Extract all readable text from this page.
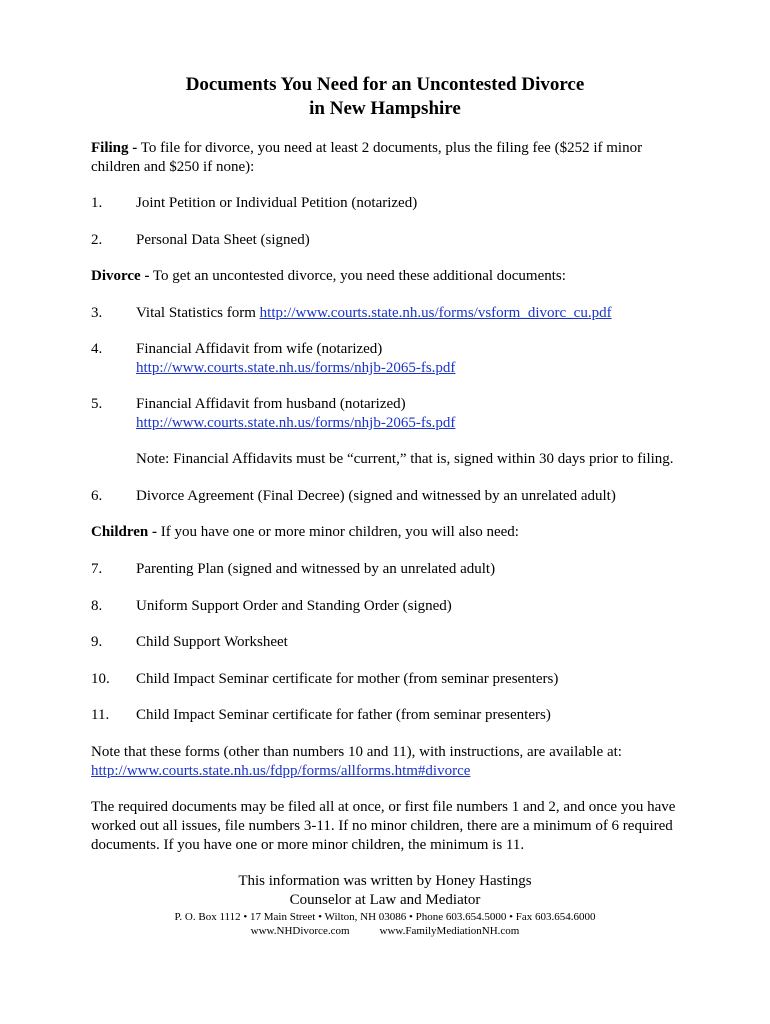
Documents You Need for an Uncontested Divorce
in New Hampshire
Filing - To file for divorce, you need at least 2 documents, plus the filing fee ($252 if minor children and $250 if none):
1. Joint Petition or Individual Petition (notarized)
2. Personal Data Sheet (signed)
Divorce - To get an uncontested divorce, you need these additional documents:
3. Vital Statistics form http://www.courts.state.nh.us/forms/vsform_divorc_cu.pdf
4. Financial Affidavit from wife (notarized)
http://www.courts.state.nh.us/forms/nhjb-2065-fs.pdf
5. Financial Affidavit from husband (notarized)
http://www.courts.state.nh.us/forms/nhjb-2065-fs.pdf
Note: Financial Affidavits must be “current,” that is, signed within 30 days prior to filing.
6. Divorce Agreement (Final Decree) (signed and witnessed by an unrelated adult)
Children - If you have one or more minor children, you will also need:
7. Parenting Plan (signed and witnessed by an unrelated adult)
8. Uniform Support Order and Standing Order (signed)
9. Child Support Worksheet
10. Child Impact Seminar certificate for mother (from seminar presenters)
11. Child Impact Seminar certificate for father (from seminar presenters)
Note that these forms (other than numbers 10 and 11), with instructions, are available at:
http://www.courts.state.nh.us/fdpp/forms/allforms.htm#divorce
The required documents may be filed all at once, or first file numbers 1 and 2, and once you have worked out all issues, file numbers 3-11. If no minor children, there are a minimum of 6 required documents. If you have one or more minor children, the minimum is 11.
This information was written by Honey Hastings
Counselor at Law and Mediator
P. O. Box 1112 • 17 Main Street • Wilton, NH 03086 • Phone 603.654.5000 • Fax 603.654.6000
www.NHDivorce.com	www.FamilyMediationNH.com
